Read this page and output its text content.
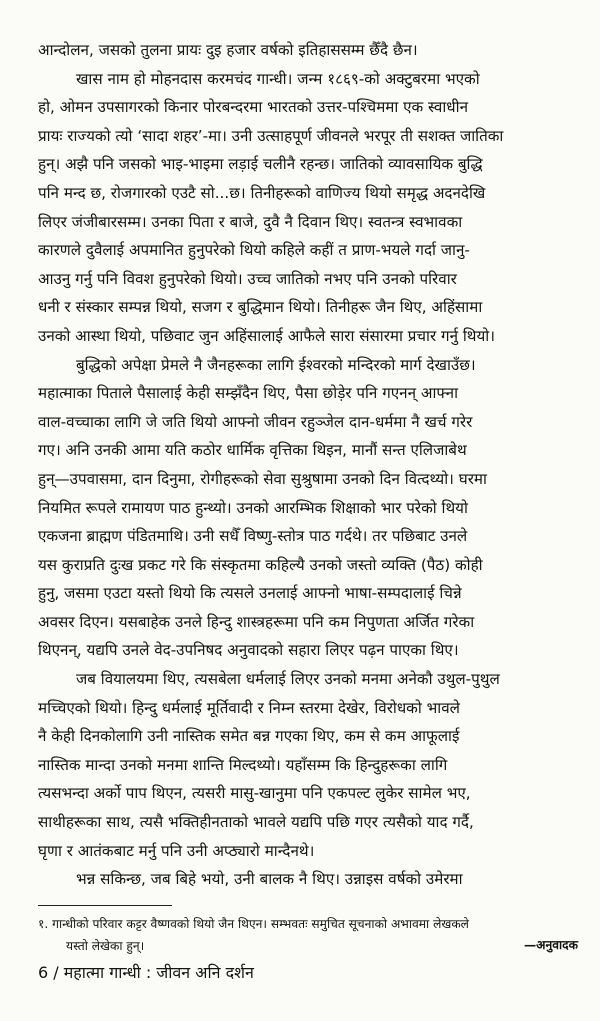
आन्दोलन, जसको तुलना प्रायः दुइ हजार वर्षको इतिहाससम्म छैँदै छैन।
खास नाम हो मोहनदास करमचंद गान्धी। जन्म १८६९-को अक्टुबरमा भएको
हो, ओमन उपसागरको किनार पोरबन्दरमा भारतको उत्तर-पश्चिममा एक स्वाधीन
प्रायः राज्यको त्यो ‘सादा शहर’-मा। उनी उत्साहपूर्ण जीवनले भरपूर ती सशक्त जातिका
हुन्। अझै पनि जसको भाइ-भाइमा लड़ाई चलीनै रहन्छ। जातिको व्यावसायिक बुद्धि
पनि मन्द छ, रोजगारको एउटै सो...छ। तिनीहरूको वाणिज्य थियो समृद्ध अदनदेखि
लिएर जंजीबारसम्म। उनका पिता र बाजे, दुवै नै दिवान थिए। स्वतन्त्र स्वभावका
कारणले दुवैलाई अपमानित हुनुपरेको थियो कहिले कहीं त प्राण-भयले गर्दा जानु-
आउनु गर्नु पनि विवश हुनुपरेको थियो। उच्च जातिको नभए पनि उनको परिवार
धनी र संस्कार सम्पन्न थियो, सजग र बुद्धिमान थियो। तिनीहरू जैन थिए, अहिंसामा
उनको आस्था थियो, पछिवाट जुन अहिंसालाई आफैले सारा संसारमा प्रचार गर्नु थियो।
बुद्धिको अपेक्षा प्रेमले नै जैनहरूका लागि ईश्वरको मन्दिरको मार्ग देखाउँछ।
महात्माका पिताले पैसालाई केही सम्झँदैन थिए, पैसा छोड़ेर पनि गएनन् आफ्ना
वाल-वच्चाका लागि जे जति थियो आफ्नो जीवन रहुञ्जेल दान-धर्ममा नै खर्च गरेर
गए। अनि उनकी आमा यति कठोर धार्मिक वृत्तिका थिइन, मानौं सन्त एलिजाबेथ
हुन्—उपवासमा, दान दिनुमा, रोगीहरूको सेवा सुश्रुषामा उनको दिन वित्दथ्यो। घरमा
नियमित रूपले रामायण पाठ हुन्थ्यो। उनको आरम्भिक शिक्षाको भार परेको थियो
एकजना ब्राह्मण पंडितमाथि। उनी सधैँ विष्णु-स्तोत्र पाठ गर्दथे। तर पछिबाट उनले
यस कुराप्रति दुःख प्रकट गरे कि संस्कृतमा कहिल्यै उनको जस्तो व्यक्ति (पैठ) कोही
हुनु, जसमा एउटा यस्तो थियो कि त्यसले उनलाई आफ्नो भाषा-सम्पदालाई चिन्ने
अवसर दिएन। यसबाहेक उनले हिन्दु शास्त्रहरूमा पनि कम निपुणता अर्जित गरेका
थिएनन्, यद्यपि उनले वेद-उपनिषद अनुवादको सहारा लिएर पढ़न पाएका थिए।
जब वियालयमा थिए, त्यसबेला धर्मलाई लिएर उनको मनमा अनेकौ उथुल-पुथुल
मच्चिएको थियो। हिन्दु धर्मलाई मूर्तिवादी र निम्न स्तरमा देखेर, विरोधको भावले
नै केही दिनकोलागि उनी नास्तिक समेत बन्न गएका थिए, कम से कम आफूलाई
नास्तिक मान्दा उनको मनमा शान्ति मिल्दथ्यो। यहाँसम्म कि हिन्दुहरूका लागि
त्यसभन्दा अर्को पाप थिएन, त्यसरी मासु-खानुमा पनि एकपल्ट लुकेर सामेल भए,
साथीहरूका साथ, त्यसै भक्तिहीनताको भावले यद्यपि पछि गएर त्यसैको याद गर्दै,
घृणा र आतंकबाट मर्नु पनि उनी अप्ठ्यारो मान्दैनथे।
भन्न सकिन्छ, जब बिहे भयो, उनी बालक नै थिए। उन्नाइस वर्षको उमेरमा
१. गान्धीको परिवार कट्टर वैष्णवको थियो जैन थिएन। सम्भवतः समुचित सूचनाको अभावमा लेखकले
यस्तो लेखेका हुन्।	—अनुवादक
6 / महात्मा गान्धी : जीवन अनि दर्शन
